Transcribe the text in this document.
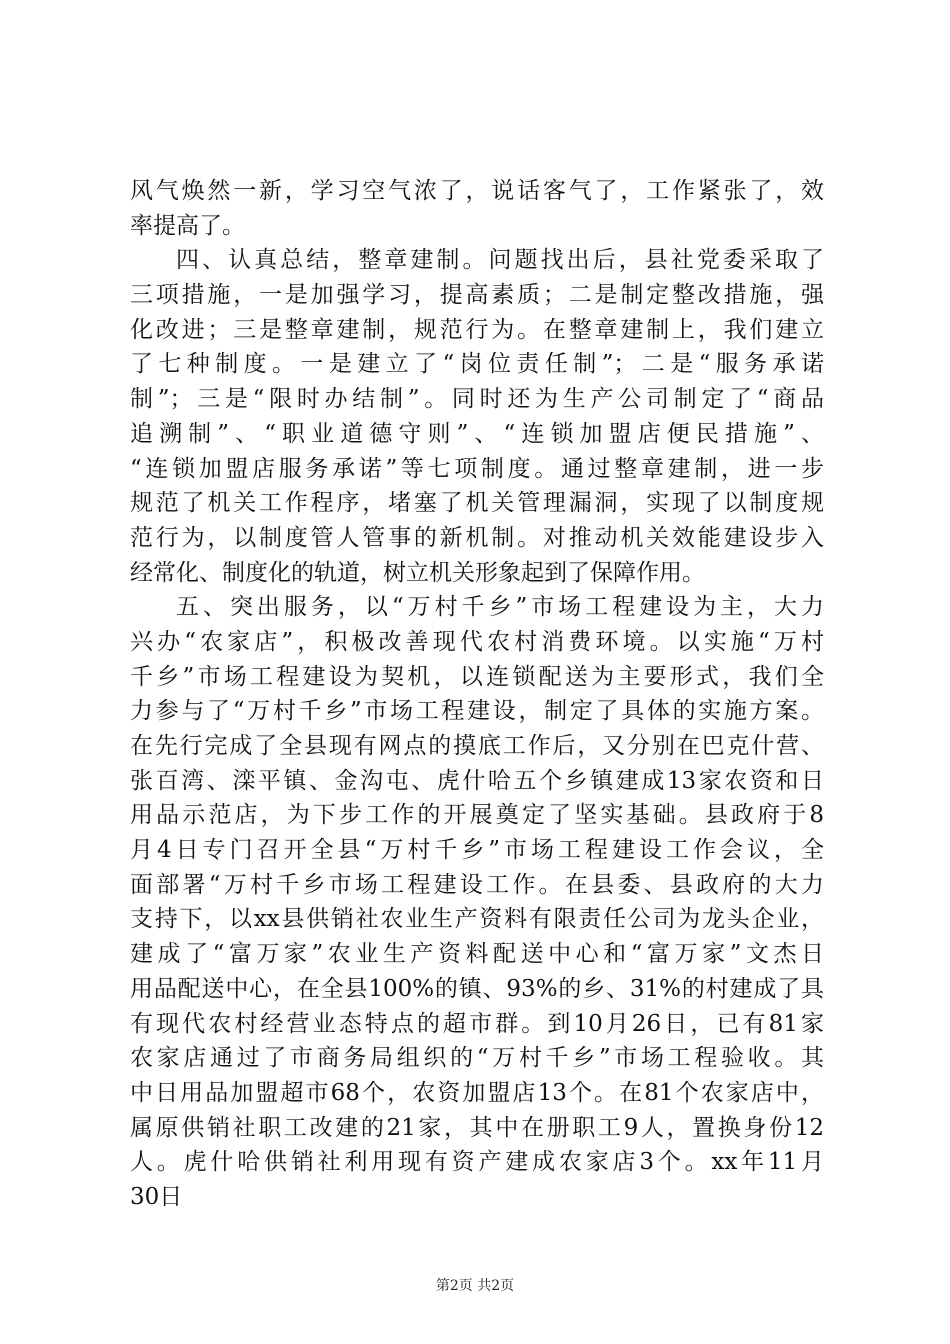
风气焕然一新，学习空气浓了，说话客气了，工作紧张了，效
率提高了。
四、认真总结，整章建制。问题找出后，县社党委采取了
三项措施，一是加强学习，提高素质；二是制定整改措施，强
化改进；三是整章建制，规范行为。在整章建制上，我们建立
了七种制度。一是建立了“岗位责任制”；二是“服务承诺
制”；三是“限时办结制”。同时还为生产公司制定了“商品
追溯制”、“职业道德守则”、“连锁加盟店便民措施”、
“连锁加盟店服务承诺”等七项制度。通过整章建制，进一步
规范了机关工作程序，堵塞了机关管理漏洞，实现了以制度规
范行为，以制度管人管事的新机制。对推动机关效能建设步入
经常化、制度化的轨道，树立机关形象起到了保障作用。
五、突出服务，以“万村千乡”市场工程建设为主，大力
兴办“农家店”，积极改善现代农村消费环境。以实施“万村
千乡”市场工程建设为契机，以连锁配送为主要形式，我们全
力参与了“万村千乡”市场工程建设，制定了具体的实施方案。
在先行完成了全县现有网点的摸底工作后，又分别在巴克什营、
张百湾、滦平镇、金沟屯、虎什哈五个乡镇建成13家农资和日
用品示范店，为下步工作的开展奠定了坚实基础。县政府于8
月4日专门召开全县“万村千乡”市场工程建设工作会议，全
面部署“万村千乡市场工程建设工作。在县委、县政府的大力
支持下，以xx县供销社农业生产资料有限责任公司为龙头企业，
建成了“富万家”农业生产资料配送中心和“富万家”文杰日
用品配送中心，在全县100%的镇、93%的乡、31%的村建成了具
有现代农村经营业态特点的超市群。到10月26日，已有81家
农家店通过了市商务局组织的“万村千乡”市场工程验收。其
中日用品加盟超市68个，农资加盟店13个。在81个农家店中，
属原供销社职工改建的21家，其中在册职工9人，置换身份12
人。虎什哈供销社利用现有资产建成农家店3个。xx年11月
30日
第2页 共2页
